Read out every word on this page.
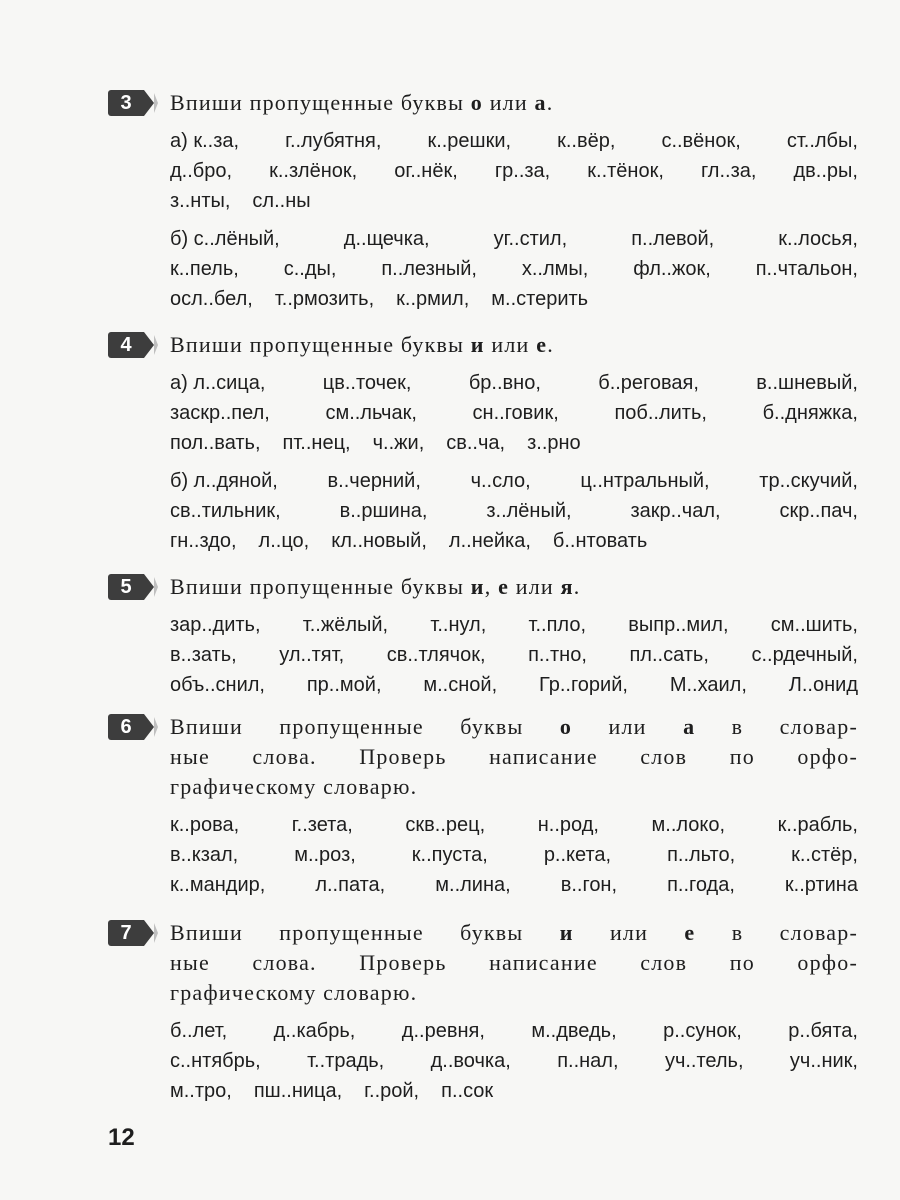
3	Впиши пропущенные буквы о или а.
а) к..за, г..лубятня, к..решки, к..вёр, с..вёнок, ст..лбы,
д..бро, к..злёнок, ог..нёк, гр..за, к..тёнок, гл..за, дв..ры,
з..нты, сл..ны
б) с..лёный,	д..щечка,	уг..стил,	п..левой,	к..лосья,
к..пель, с..ды, п..лезный, х..лмы, фл..жок, п..чтальон,
осл..бел, т..рмозить, к..рмил, м..стерить
4	Впиши пропущенные буквы и или е.
а) л..сица,	цв..точек,	бр..вно,	б..реговая,	в..шневый,
заскр..пел,	см..льчак,	сн..говик,	поб..лить,	б..дняжка,
пол..вать, пт..нец, ч..жи, св..ча, з..рно
б) л..дяной, в..черний, ч..сло, ц..нтральный, тр..скучий,
св..тильник,	в..ршина,	з..лёный,	закр..чал,	скр..пач,
гн..здо, л..цо, кл..новый, л..нейка, б..нтовать
5	Впиши пропущенные буквы и, е или я.
зар..дить, т..жёлый, т..нул, т..пло, выпр..мил, см..шить,
в..зать, ул..тят, св..тлячок, п..тно, пл..сать, с..рдечный,
объ..снил, пр..мой, м..сной, Гр..горий, М..хаил, Л..онид
6	Впиши пропущенные буквы о или а в словар-
ные слова. Проверь написание слов по орфо-
графическому словарю.
к..рова,	г..зета,	скв..рец,	н..род,	м..локо,	к..рабль,
в..кзал,	м..роз,	к..пуста,	р..кета,	п..льто,	к..стёр,
к..мандир,	л..пата,	м..лина,	в..гон,	п..года,	к..ртина
7	Впиши пропущенные буквы и или е в словар-
ные слова. Проверь написание слов по орфо-
графическому словарю.
б..лет, д..кабрь, д..ревня, м..дведь, р..сунок, р..бята,
с..нтябрь, т..традь, д..вочка, п..нал, уч..тель, уч..ник,
м..тро, пш..ница, г..рой, п..сок
12
